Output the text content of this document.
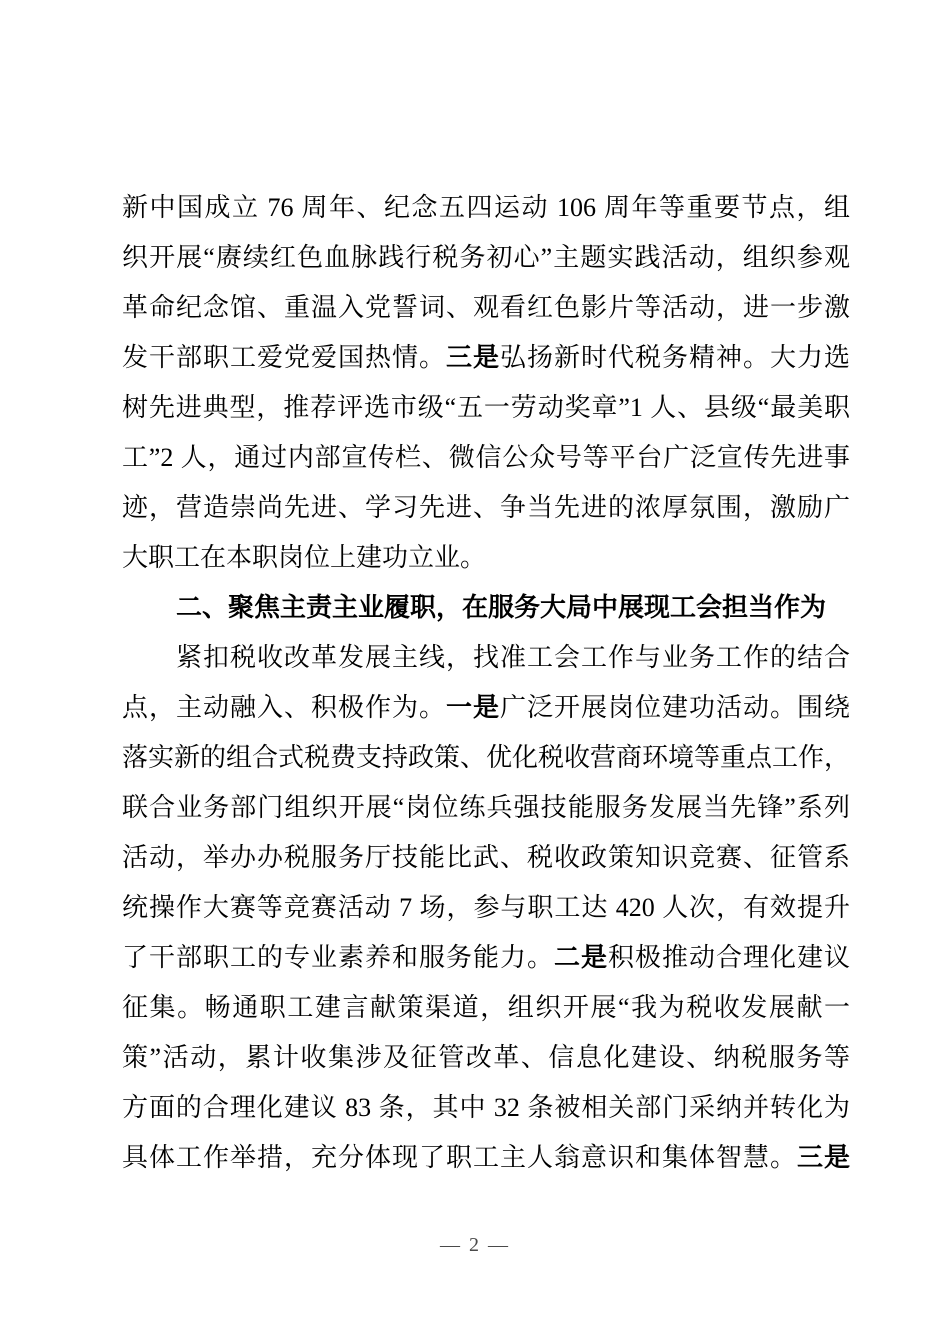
新中国成立 76 周年、纪念五四运动 106 周年等重要节点，组
织开展“赓续红色血脉践行税务初心”主题实践活动，组织参观
革命纪念馆、重温入党誓词、观看红色影片等活动，进一步激
发干部职工爱党爱国热情。三是弘扬新时代税务精神。大力选
树先进典型，推荐评选市级“五一劳动奖章”1 人、县级“最美职
工”2 人，通过内部宣传栏、微信公众号等平台广泛宣传先进事
迹，营造崇尚先进、学习先进、争当先进的浓厚氛围，激励广
大职工在本职岗位上建功立业。
二、聚焦主责主业履职，在服务大局中展现工会担当作为
紧扣税收改革发展主线，找准工会工作与业务工作的结合
点，主动融入、积极作为。一是广泛开展岗位建功活动。围绕
落实新的组合式税费支持政策、优化税收营商环境等重点工作，
联合业务部门组织开展“岗位练兵强技能服务发展当先锋”系列
活动，举办办税服务厅技能比武、税收政策知识竞赛、征管系
统操作大赛等竞赛活动 7 场，参与职工达 420 人次，有效提升
了干部职工的专业素养和服务能力。二是积极推动合理化建议
征集。畅通职工建言献策渠道，组织开展“我为税收发展献一
策”活动，累计收集涉及征管改革、信息化建设、纳税服务等
方面的合理化建议 83 条，其中 32 条被相关部门采纳并转化为
具体工作举措，充分体现了职工主人翁意识和集体智慧。三是
— 2 —
